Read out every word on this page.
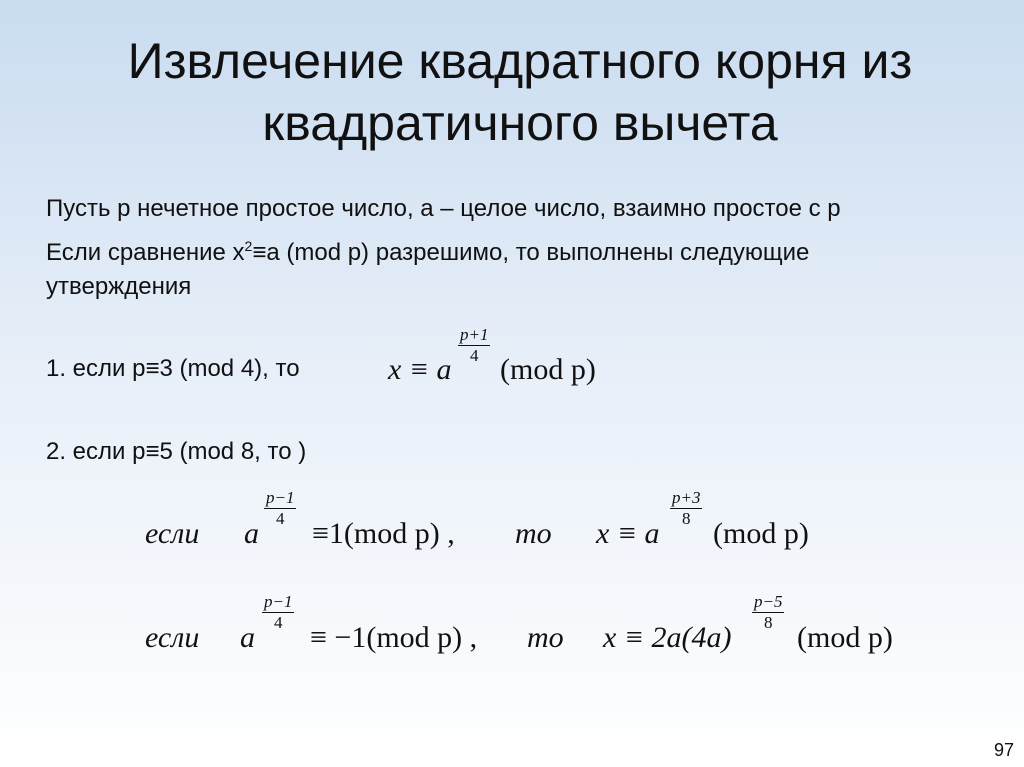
Извлечение квадратного корня из
квадратичного вычета
Пусть p нечетное простое число, a – целое число, взаимно простое с p
Если сравнение $x^2\equiv a$ (mod p) разрешимо, то выполнены следующие
утверждения
1. если p≡3 (mod 4), то	x ≡ a
$\frac{p+1}{4}$
(mod p)
2. если p≡5 (mod 8, то )
если a
$\frac{p-1}{4}$
≡1(mod p) , то x ≡ a
$\frac{p+3}{8}$
(mod p)
если a
$\frac{p-1}{4}$
≡ −1(mod p) , то x ≡ 2a(4a)
$\frac{p-5}{8}$
(mod p)
97
